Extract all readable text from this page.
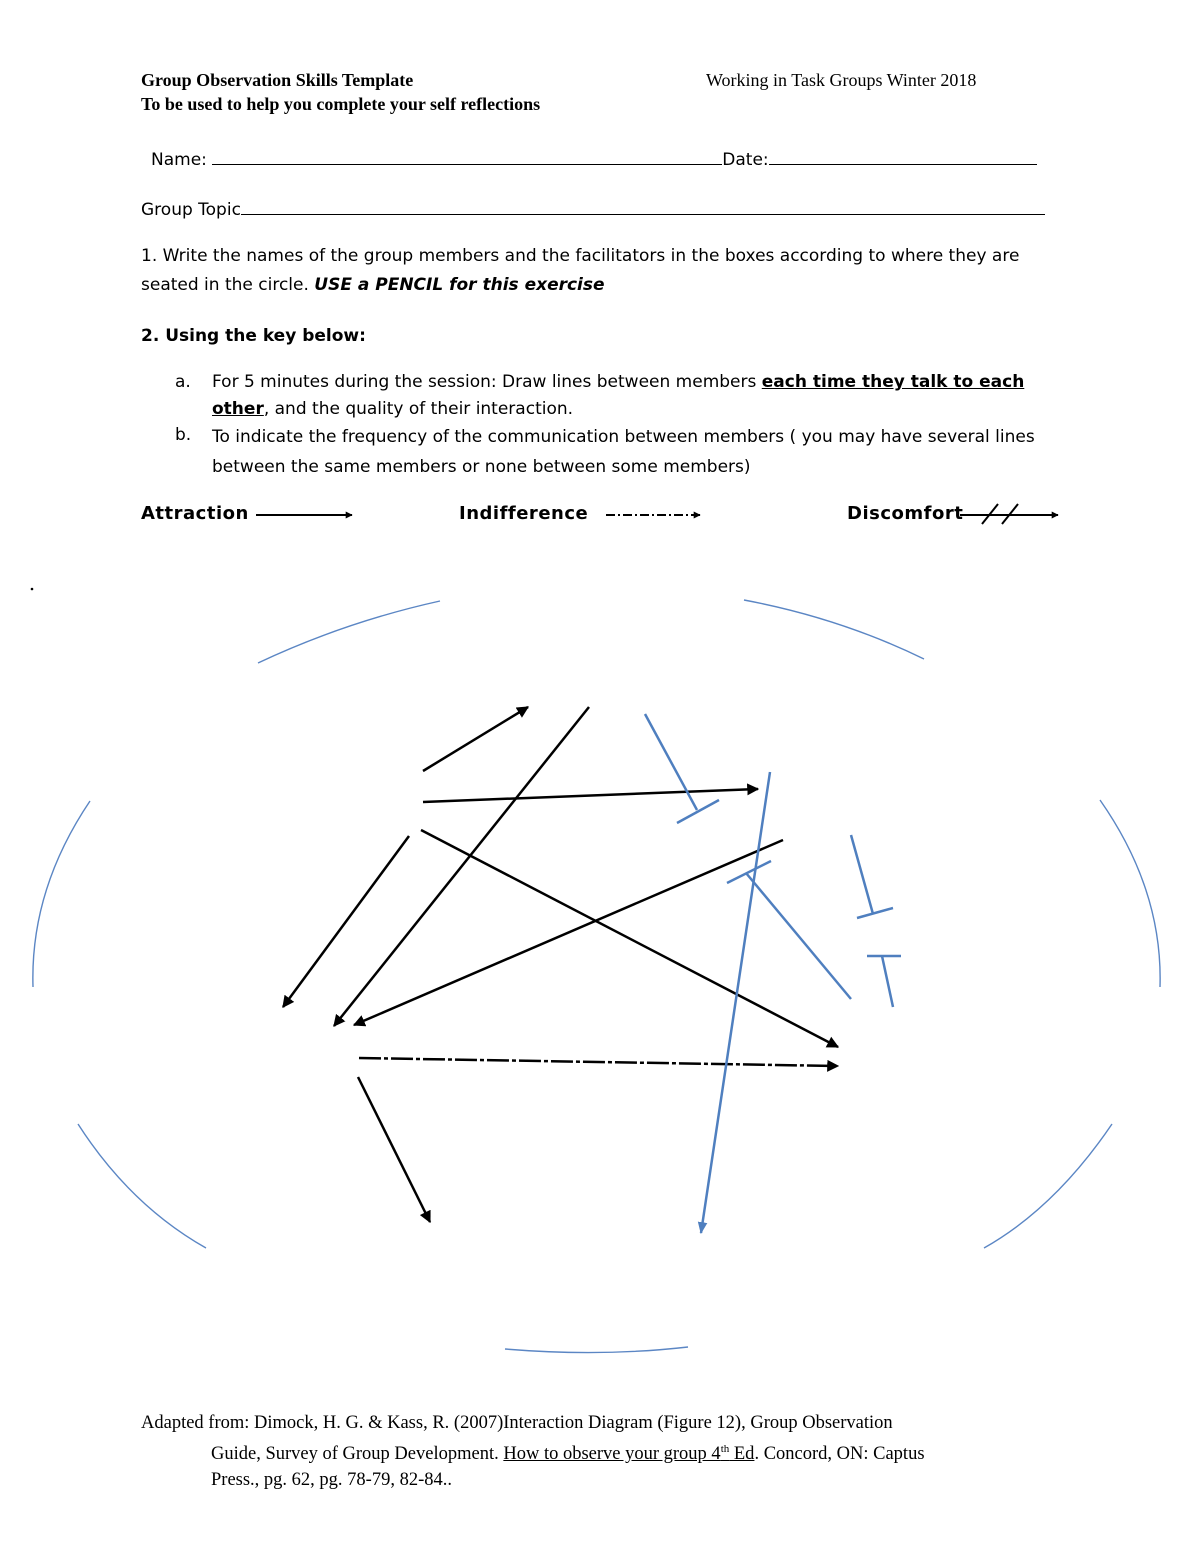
Group Observation Skills Template
To be used to help you complete your self reflections
Working in Task Groups Winter 2018
Name:	Date:
Group Topic
1. Write the names of the group members and the facilitators in the boxes according to where they are
seated in the circle. USE a PENCIL for this exercise
2. Using the key below:
a. For 5 minutes during the session: Draw lines between members each time they talk to each
other, and the quality of their interaction.
b. To indicate the frequency of the communication between members ( you may have several lines
between the same members or none between some members)
Attraction	Indifference	Discomfort
Adapted from: Dimock, H. G. & Kass, R. (2007)Interaction Diagram (Figure 12), Group Observation
Guide, Survey of Group Development. How to observe your group 4th Ed. Concord, ON: Captus
Press., pg. 62, pg. 78-79, 82-84..
